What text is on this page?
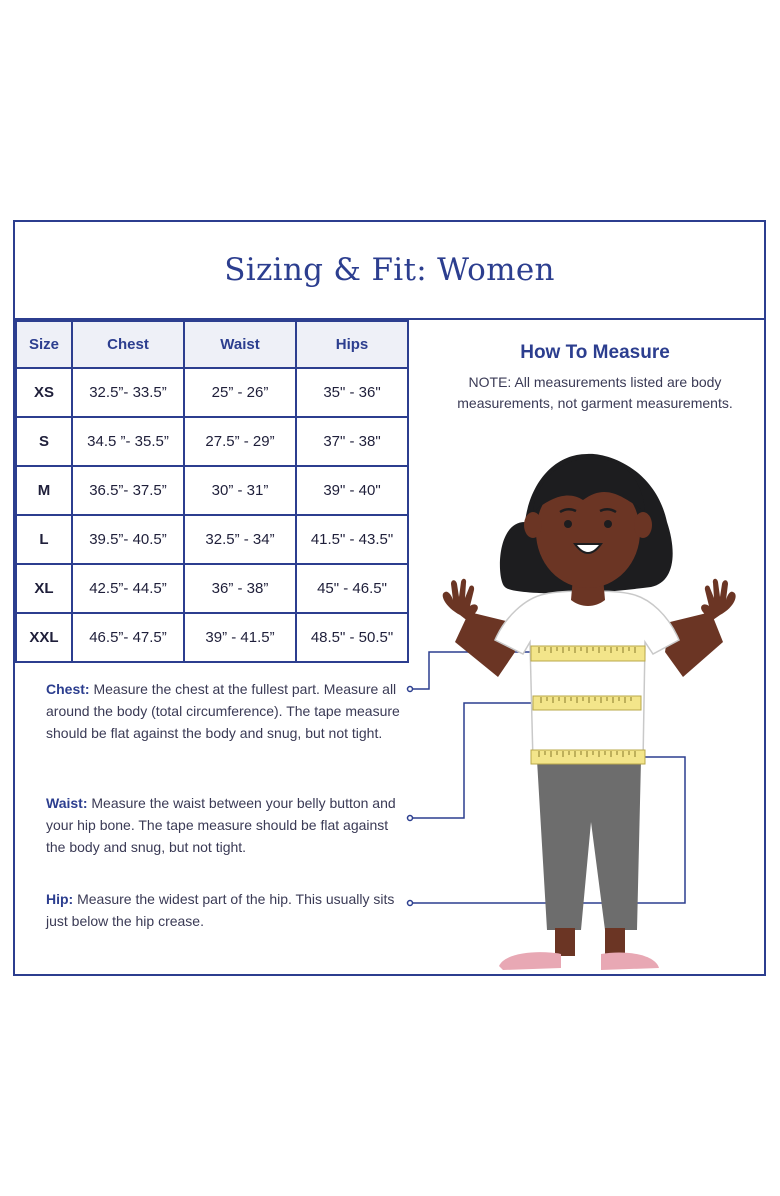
Sizing & Fit: Women
Size	Chest	Waist	Hips
XS	32.5”- 33.5”	25” - 26”	35" - 36"
S	34.5 ”- 35.5”	27.5” - 29”	37" - 38"
M	36.5”- 37.5”	30” - 31”	39" - 40"
L	39.5”- 40.5”	32.5” - 34”	41.5" - 43.5"
XL	42.5”- 44.5”	36” - 38”	45" - 46.5"
XXL	46.5”- 47.5”	39” - 41.5”	48.5" - 50.5"
How To Measure

NOTE: All measurements listed are body
measurements, not garment measurements.

Chest: Measure the chest at the fullest part. Measure all around the body (total circumference). The tape measure should be flat against the body and snug, but not tight.
Waist: Measure the waist between your belly button and your hip bone. The tape measure should be flat against the body and snug, but not tight.
Hip: Measure the widest part of the hip. This usually sits just below the hip crease.
